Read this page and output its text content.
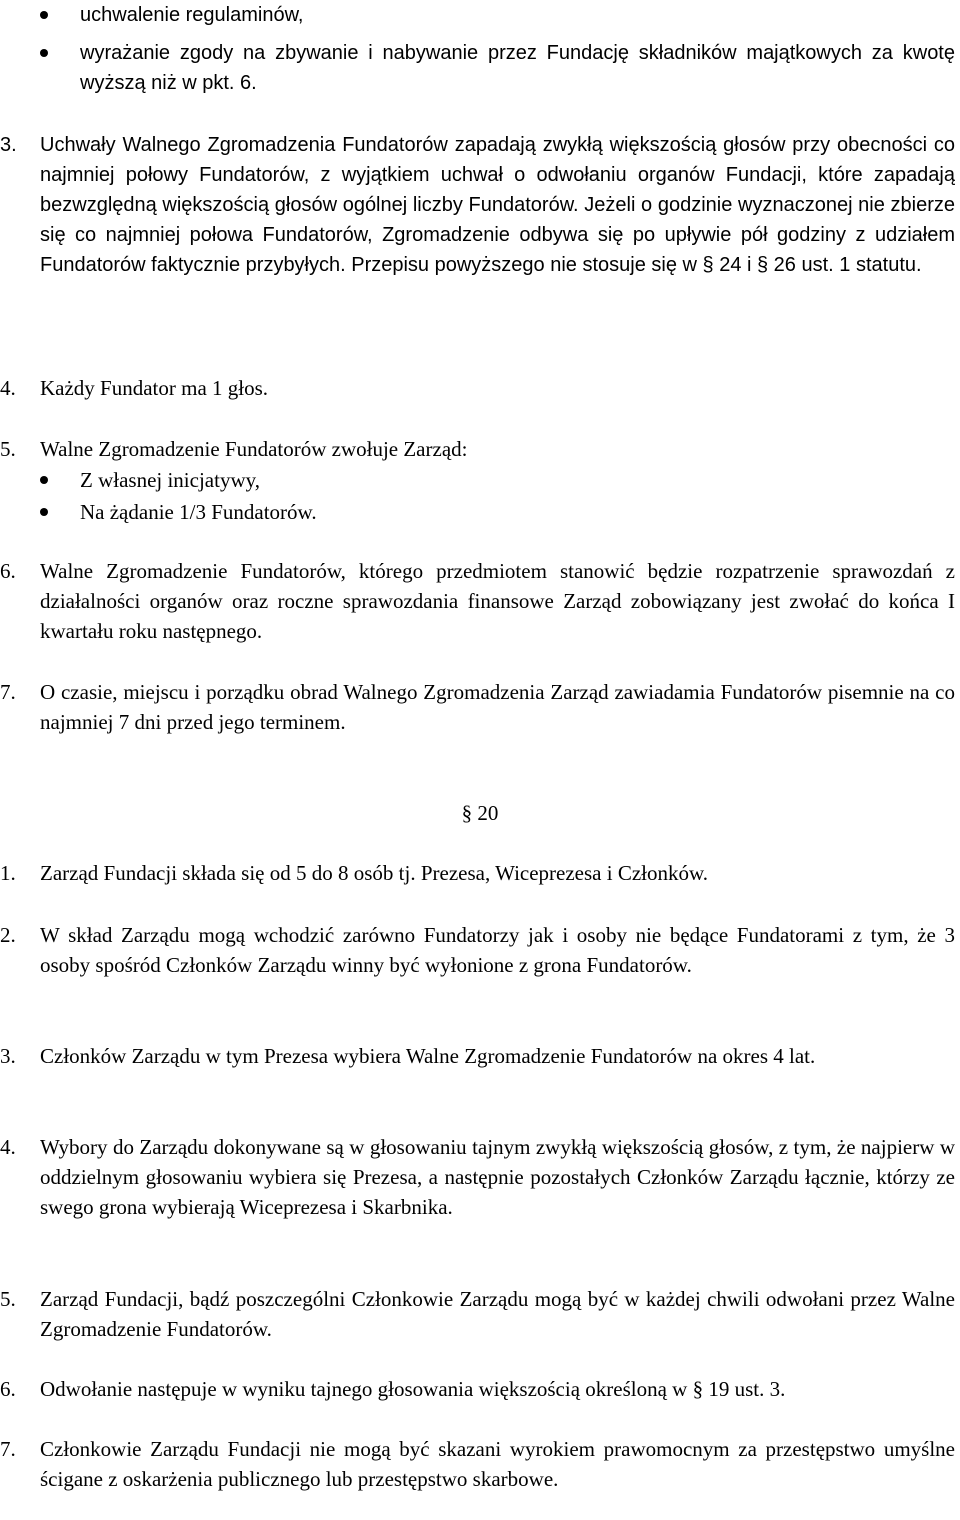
uchwalenie regulaminów,

wyrażanie zgody na zbywanie i nabywanie przez Fundację składników majątkowych za kwotę wyższą niż w pkt. 6.

3. Uchwały Walnego Zgromadzenia Fundatorów zapadają zwykłą większością głosów przy obecności co najmniej połowy Fundatorów, z wyjątkiem uchwał o odwołaniu organów Fundacji, które zapadają bezwzględną większością głosów ogólnej liczby Fundatorów. Jeżeli o godzinie wyznaczonej nie zbierze się co najmniej połowa Fundatorów, Zgromadzenie odbywa się po upływie pół godziny z udziałem Fundatorów faktycznie przybyłych. Przepisu powyższego nie stosuje się w § 24 i § 26 ust. 1 statutu.

4. Każdy Fundator ma 1 głos.

5. Walne Zgromadzenie Fundatorów zwołuje Zarząd:

Z własnej inicjatywy,

Na żądanie 1/3 Fundatorów.

6. Walne Zgromadzenie Fundatorów, którego przedmiotem stanowić będzie rozpatrzenie sprawozdań z działalności organów oraz roczne sprawozdania finansowe Zarząd zobowiązany jest zwołać do końca I kwartału roku następnego.

7. O czasie, miejscu i porządku obrad Walnego Zgromadzenia Zarząd zawiadamia Fundatorów pisemnie na co najmniej 7 dni przed jego terminem.

§ 20
1. Zarząd Fundacji składa się od 5 do 8 osób tj. Prezesa, Wiceprezesa i Członków.

2. W skład Zarządu mogą wchodzić zarówno Fundatorzy jak i osoby nie będące Fundatorami z tym, że 3 osoby spośród Członków Zarządu winny być wyłonione z grona Fundatorów.

3. Członków Zarządu w tym Prezesa wybiera Walne Zgromadzenie Fundatorów na okres 4 lat.

4. Wybory do Zarządu dokonywane są w głosowaniu tajnym zwykłą większością głosów, z tym, że najpierw w oddzielnym głosowaniu wybiera się Prezesa, a następnie pozostałych Członków Zarządu łącznie, którzy ze swego grona wybierają Wiceprezesa i Skarbnika.

5. Zarząd Fundacji, bądź poszczególni Członkowie Zarządu mogą być w każdej chwili odwołani przez Walne Zgromadzenie Fundatorów.

6. Odwołanie następuje w wyniku tajnego głosowania większością określoną w § 19 ust. 3.

7. Członkowie Zarządu Fundacji nie mogą być skazani wyrokiem prawomocnym za przestępstwo umyślne ścigane z oskarżenia publicznego lub przestępstwo skarbowe.
